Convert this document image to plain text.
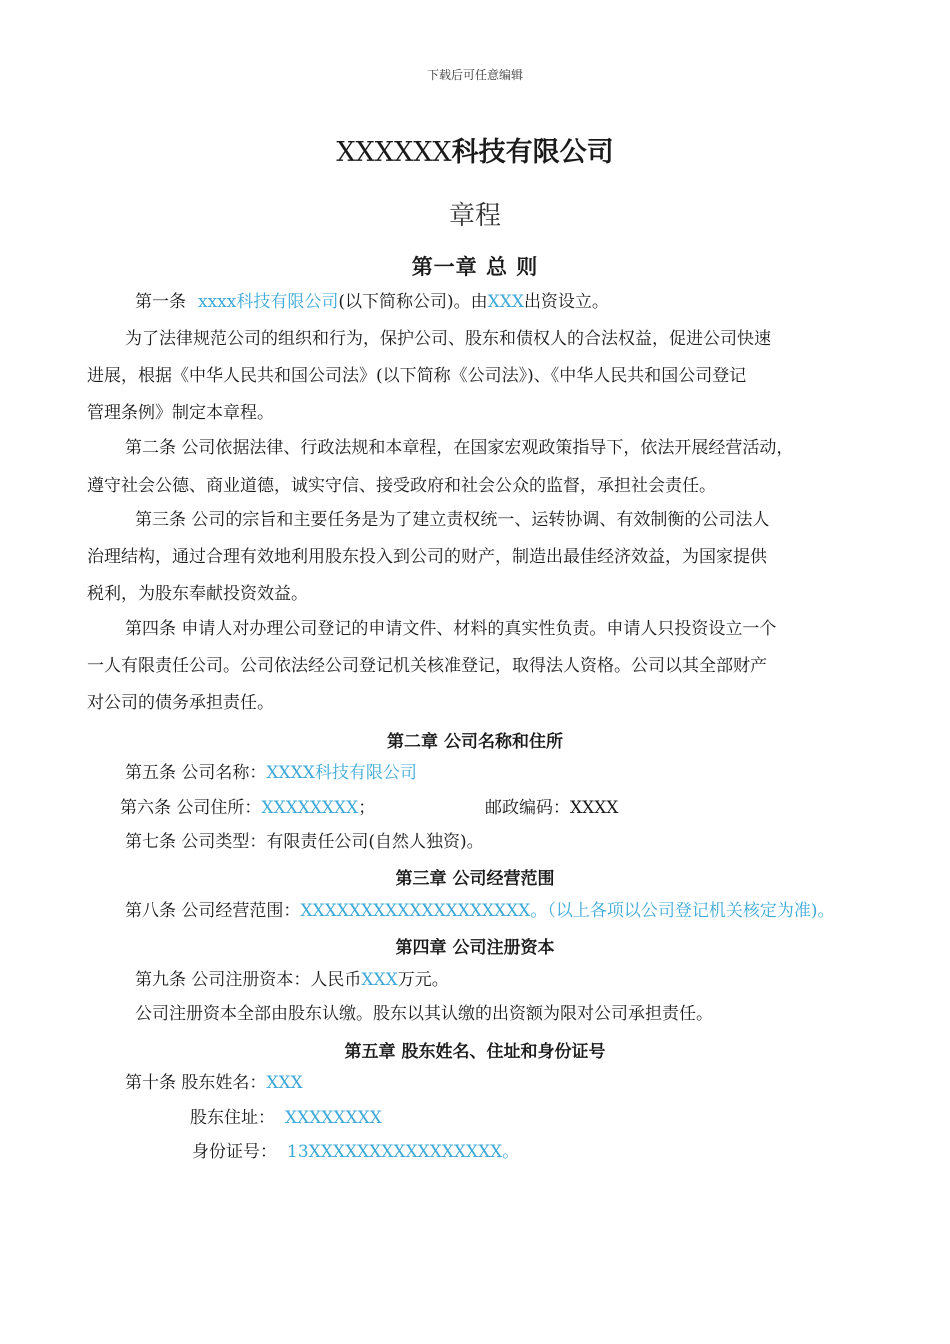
下载后可任意编辑
XXXXXX科技有限公司
章程
第一章 总 则
第一条 xxxx科技有限公司(以下简称公司)。由XXX出资设立。
为了法律规范公司的组织和行为，保护公司、股东和债权人的合法权益，促进公司快速
进展，根据《中华人民共和国公司法》(以下简称《公司法》)、《中华人民共和国公司登记
管理条例》制定本章程。
第二条 公司依据法律、行政法规和本章程，在国家宏观政策指导下，依法开展经营活动，
遵守社会公德、商业道德，诚实守信、接受政府和社会公众的监督，承担社会责任。
第三条 公司的宗旨和主要任务是为了建立责权统一、运转协调、有效制衡的公司法人
治理结构，通过合理有效地利用股东投入到公司的财产，制造出最佳经济效益，为国家提供
税利，为股东奉献投资效益。
第四条 申请人对办理公司登记的申请文件、材料的真实性负责。申请人只投资设立一个
一人有限责任公司。公司依法经公司登记机关核准登记，取得法人资格。公司以其全部财产
对公司的债务承担责任。
第二章 公司名称和住所
第五条 公司名称：XXXX科技有限公司
第六条 公司住所：XXXXXXXX；	邮政编码：XXXX
第七条 公司类型：有限责任公司(自然人独资)。
第三章 公司经营范围
第八条 公司经营范围：XXXXXXXXXXXXXXXXXXX。（以上各项以公司登记机关核定为准)。
第四章 公司注册资本
第九条 公司注册资本：人民币XXX万元。
公司注册资本全部由股东认缴。股东以其认缴的出资额为限对公司承担责任。
第五章 股东姓名、住址和身份证号
第十条 股东姓名：XXX
股东住址： XXXXXXXX
身份证号： 13XXXXXXXXXXXXXXXX。
